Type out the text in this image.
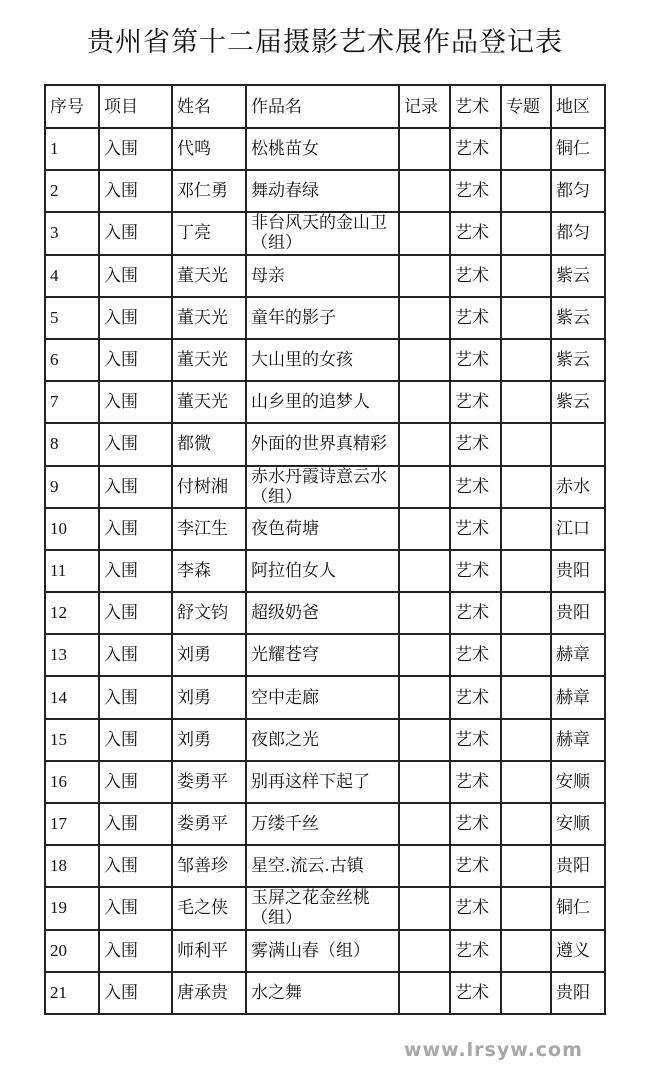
贵州省第十二届摄影艺术展作品登记表
序号	项目	姓名	作品名	记录	艺术	专题	地区
1	入围	代鸣	松桃苗女		艺术		铜仁
2	入围	邓仁勇	舞动春绿		艺术		都匀
3	入围	丁亮	非台风天的金山卫（组）		艺术		都匀
4	入围	董天光	母亲		艺术		紫云
5	入围	董天光	童年的影子		艺术		紫云
6	入围	董天光	大山里的女孩		艺术		紫云
7	入围	董天光	山乡里的追梦人		艺术		紫云
8	入围	都微	外面的世界真精彩		艺术		
9	入围	付树湘	赤水丹霞诗意云水（组）		艺术		赤水
10	入围	李江生	夜色荷塘		艺术		江口
11	入围	李森	阿拉伯女人		艺术		贵阳
12	入围	舒文钧	超级奶爸		艺术		贵阳
13	入围	刘勇	光耀苍穹		艺术		赫章
14	入围	刘勇	空中走廊		艺术		赫章
15	入围	刘勇	夜郎之光		艺术		赫章
16	入围	娄勇平	别再这样下起了		艺术		安顺
17	入围	娄勇平	万缕千丝		艺术		安顺
18	入围	邹善珍	星空.流云.古镇		艺术		贵阳
19	入围	毛之侠	玉屏之花金丝桃（组）		艺术		铜仁
20	入围	师利平	雾满山春（组）		艺术		遵义
21	入围	唐承贵	水之舞		艺术		贵阳
www.lrsyw.com
